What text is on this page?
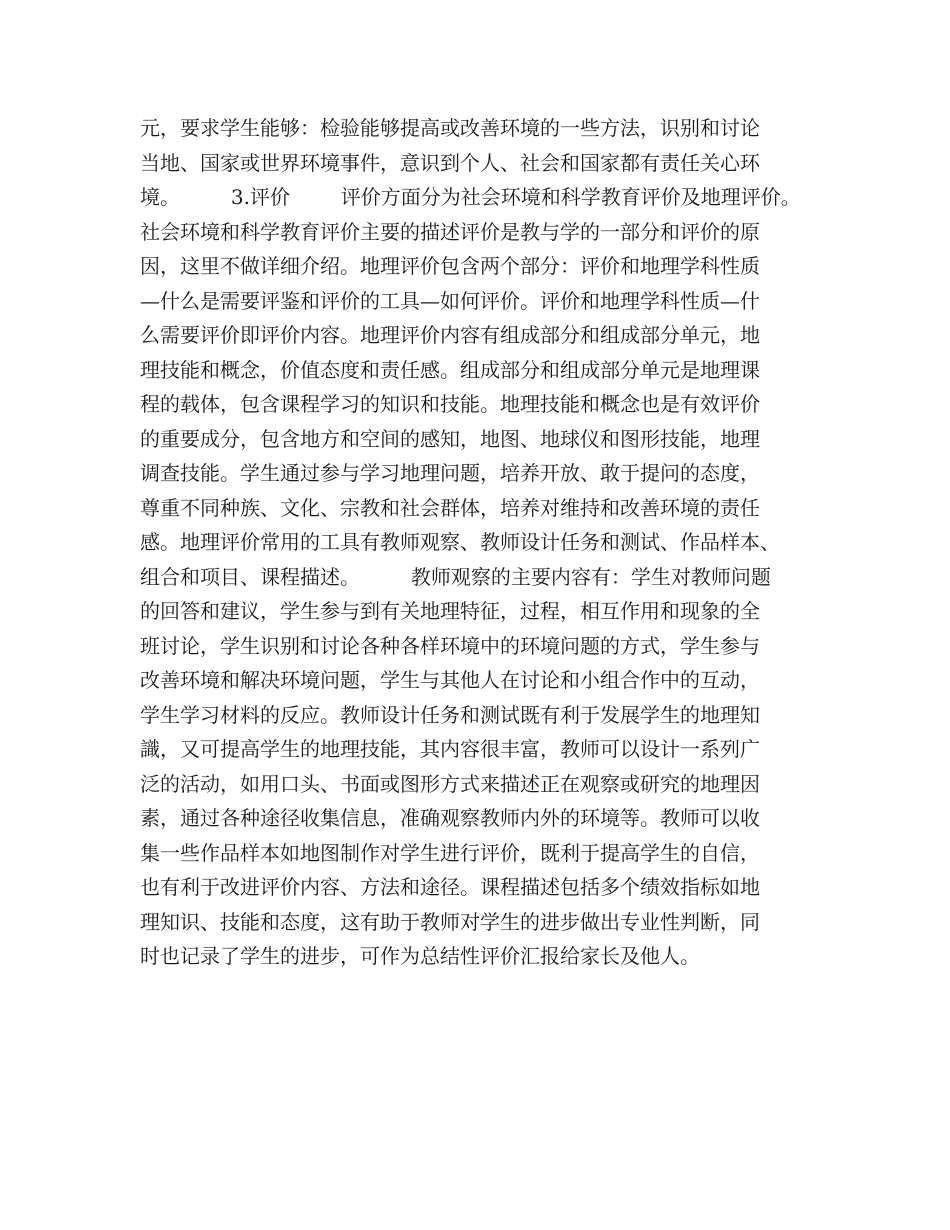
元，要求学生能够：检验能够提高或改善环境的一些方法，识别和讨论
当地、国家或世界环境事件，意识到个人、社会和国家都有责任关心环
境。        3.评价        评价方面分为社会环境和科学教育评价及地理评价。
社会环境和科学教育评价主要的描述评价是教与学的一部分和评价的原
因，这里不做详细介绍。地理评价包含两个部分：评价和地理学科性质
—什么是需要评鉴和评价的工具—如何评价。评价和地理学科性质—什
么需要评价即评价内容。地理评价内容有组成部分和组成部分单元，地
理技能和概念，价值态度和责任感。组成部分和组成部分单元是地理课
程的载体，包含课程学习的知识和技能。地理技能和概念也是有效评价
的重要成分，包含地方和空间的感知，地图、地球仪和图形技能，地理
调查技能。学生通过参与学习地理问题，培养开放、敢于提问的态度，
尊重不同种族、文化、宗教和社会群体，培养对维持和改善环境的责任
感。地理评价常用的工具有教师观察、教师设计任务和测试、作品样本、
组合和项目、课程描述。        教师观察的主要内容有：学生对教师问题
的回答和建议，学生参与到有关地理特征，过程，相互作用和现象的全
班讨论，学生识别和讨论各种各样环境中的环境问题的方式，学生参与
改善环境和解决环境问题，学生与其他人在讨论和小组合作中的互动，
学生学习材料的反应。教师设计任务和测试既有利于发展学生的地理知
識，又可提高学生的地理技能，其内容很丰富，教师可以设计一系列广
泛的活动，如用口头、书面或图形方式来描述正在观察或研究的地理因
素，通过各种途径收集信息，准确观察教师内外的环境等。教师可以收
集一些作品样本如地图制作对学生进行评价，既利于提高学生的自信，
也有利于改进评价内容、方法和途径。课程描述包括多个绩效指标如地
理知识、技能和态度，这有助于教师对学生的进步做出专业性判断，同
时也记录了学生的进步，可作为总结性评价汇报给家长及他人。
